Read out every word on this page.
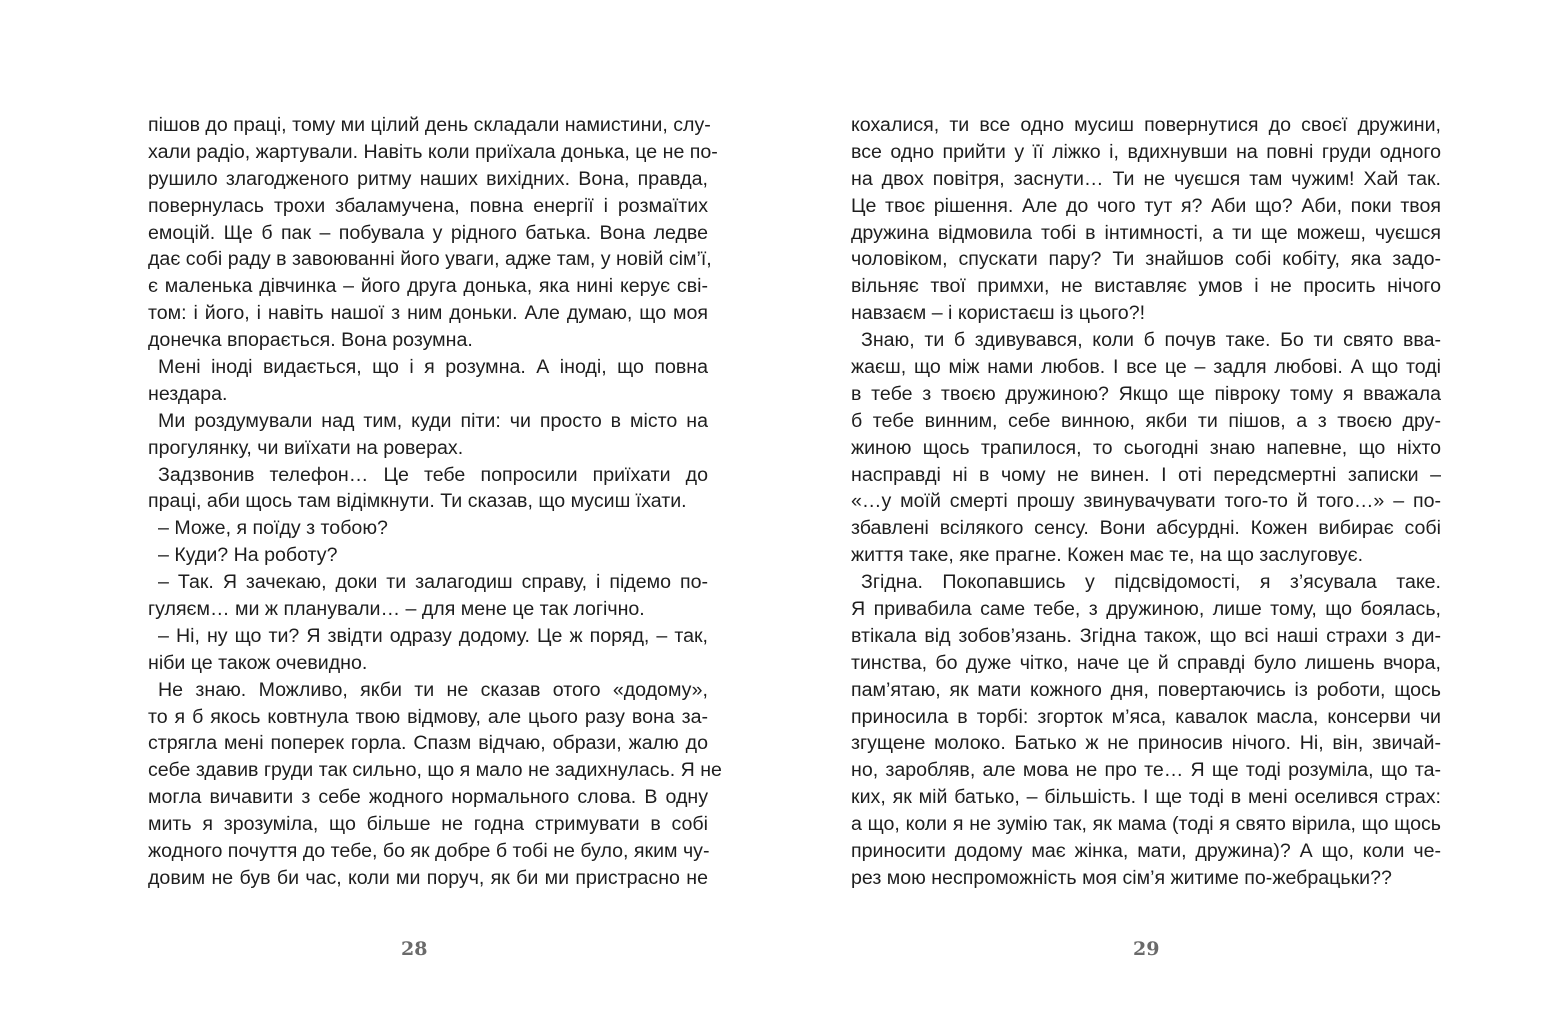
пішов до праці, тому ми цілий день складали намистини, слу-
хали радіо, жартували. Навіть коли приїхала донька, це не по-
рушило злагодженого ритму наших вихідних. Вона, правда,
повернулась трохи збаламучена, повна енергії і розмаїтих
емоцій. Ще б пак – побувала у рідного батька. Вона ледве
дає собі раду в завоюванні його уваги, адже там, у новій сім’ї,
є маленька дівчинка – його друга донька, яка нині керує сві-
том: і його, і навіть нашої з ним доньки. Але думаю, що моя
донечка впорається. Вона розумна.
Мені іноді видається, що і я розумна. А іноді, що повна
нездара.
Ми роздумували над тим, куди піти: чи просто в місто на
прогулянку, чи виїхати на роверах.
Задзвонив телефон… Це тебе попросили приїхати до
праці, аби щось там відімкнути. Ти сказав, що мусиш їхати.
– Може, я поїду з тобою?
– Куди? На роботу?
– Так. Я зачекаю, доки ти залагодиш справу, і підемо по-
гуляєм… ми ж планували… – для мене це так логічно.
– Ні, ну що ти? Я звідти одразу додому. Це ж поряд, – так,
ніби це також очевидно.
Не знаю. Можливо, якби ти не сказав отого «додому»,
то я б якось ковтнула твою відмову, але цього разу вона за-
стрягла мені поперек горла. Спазм відчаю, образи, жалю до
себе здавив груди так сильно, що я мало не задихнулась. Я не
могла вичавити з себе жодного нормального слова. В одну
мить я зрозуміла, що більше не годна стримувати в собі
жодного почуття до тебе, бо як добре б тобі не було, яким чу-
довим не був би час, коли ми поруч, як би ми пристрасно не
кохалися, ти все одно мусиш повернутися до своєї дружини,
все одно прийти у її ліжко і, вдихнувши на повні груди одного
на двох повітря, заснути… Ти не чуєшся там чужим! Хай так.
Це твоє рішення. Але до чого тут я? Аби що? Аби, поки твоя
дружина відмовила тобі в інтимності, а ти ще можеш, чуєшся
чоловіком, спускати пару? Ти знайшов собі кобіту, яка задо-
вільняє твої примхи, не виставляє умов і не просить нічого
навзаєм – і користаєш із цього?!
Знаю, ти б здивувався, коли б почув таке. Бо ти свято вва-
жаєш, що між нами любов. І все це – задля любові. А що тоді
в тебе з твоєю дружиною? Якщо ще півроку тому я вважала
б тебе винним, себе винною, якби ти пішов, а з твоєю дру-
жиною щось трапилося, то сьогодні знаю напевне, що ніхто
насправді ні в чому не винен. І оті передсмертні записки –
«…у моїй смерті прошу звинувачувати того-то й того…» – по-
збавлені всілякого сенсу. Вони абсурдні. Кожен вибирає собі
життя таке, яке прагне. Кожен має те, на що заслуговує.
Згідна. Покопавшись у підсвідомості, я з’ясувала таке.
Я привабила саме тебе, з дружиною, лише тому, що боялась,
втікала від зобов’язань. Згідна також, що всі наші страхи з ди-
тинства, бо дуже чітко, наче це й справді було лишень вчора,
пам’ятаю, як мати кожного дня, повертаючись із роботи, щось
приносила в торбі: згорток м’яса, кавалок масла, консерви чи
згущене молоко. Батько ж не приносив нічого. Ні, він, звичай-
но, заробляв, але мова не про те… Я ще тоді розуміла, що та-
ких, як мій батько, – більшість. І ще тоді в мені оселився страх:
а що, коли я не зумію так, як мама (тоді я свято вірила, що щось
приносити додому має жінка, мати, дружина)? А що, коли че-
рез мою неспроможність моя сім’я житиме по-жебрацьки??
28	29
